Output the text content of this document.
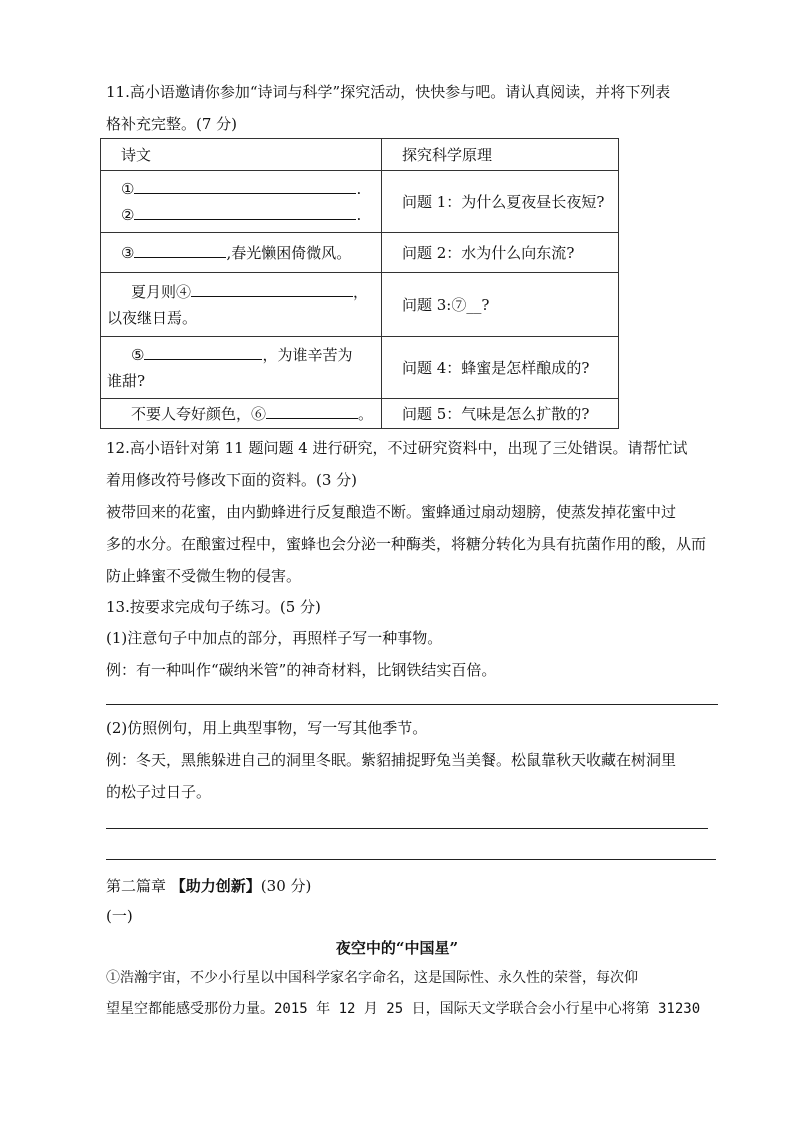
11.高小语邀请你参加“诗词与科学”探究活动，快快参与吧。请认真阅读，并将下列表
格补充完整。(7 分)
诗文	探究科学原理

① .
② .	问题 1：为什么夏夜昼长夜短?
③ ,春光懒困倚微风。	问题 2：水为什么向东流?

夏月则④ ，
以夜继日焉。	问题 3:⑦__?

⑤ ，为谁辛苦为
谁甜?	问题 4：蜂蜜是怎样酿成的?
不要人夸好颜色，⑥ 。	问题 5：气味是怎么扩散的?
12.高小语针对第 11 题问题 4 进行研究，不过研究资料中，出现了三处错误。请帮忙试
着用修改符号修改下面的资料。(3 分)
被带回来的花蜜，由内勤蜂进行反复酿造不断。蜜蜂通过扇动翅膀，使蒸发掉花蜜中过
多的水分。在酿蜜过程中，蜜蜂也会分泌一种酶类，将糖分转化为具有抗菌作用的酸，从而
防止蜂蜜不受微生物的侵害。
13.按要求完成句子练习。(5 分)
(1)注意句子中加点的部分，再照样子写一种事物。
例：有一种叫作“碳纳米管”的神奇材料，比钢铁结实百倍。
(2)仿照例句，用上典型事物，写一写其他季节。
例：冬天，黑熊躲进自己的洞里冬眠。紫貂捕捉野兔当美餐。松鼠靠秋天收藏在树洞里
的松子过日子。
第二篇章 【助力创新】(30 分)
(一)
夜空中的“中国星”
①浩瀚宇宙，不少小行星以中国科学家名字命名，这是国际性、永久性的荣誉，每次仰
望星空都能感受那份力量。2015 年 12 月 25 日，国际天文学联合会小行星中心将第 31230
